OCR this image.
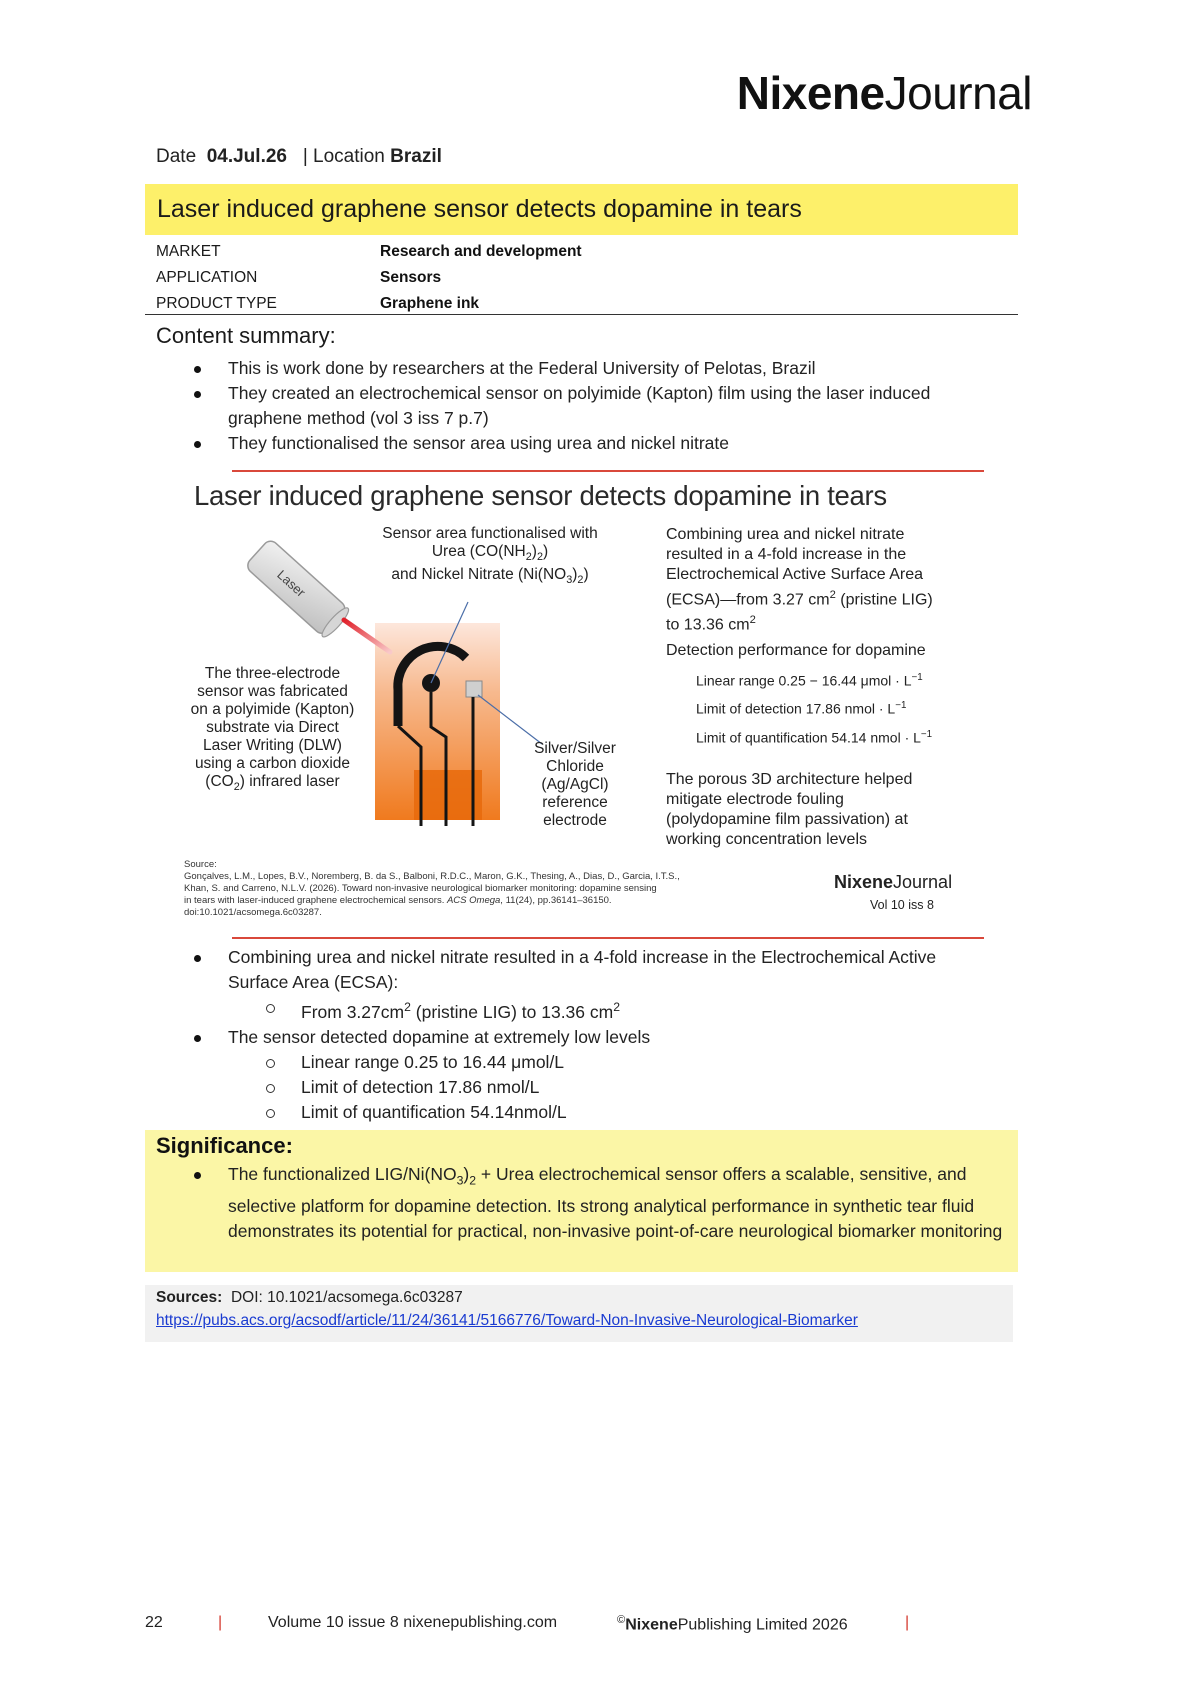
NixeneJournal
Date 04.Jul.26 | Location Brazil
Laser induced graphene sensor detects dopamine in tears
MARKET	Research and development
APPLICATION	Sensors
PRODUCT TYPE	Graphene ink
Content summary:
This is work done by researchers at the Federal University of Pelotas, Brazil
They created an electrochemical sensor on polyimide (Kapton) film using the laser induced graphene method (vol 3 iss 7 p.7)
They functionalised the sensor area using urea and nickel nitrate
Laser induced graphene sensor detects dopamine in tears
Laser
Sensor area functionalised with
Urea $(CO(NH_2)_2)$
and Nickel Nitrate $(Ni(NO_3)_2)$
The three-electrode
sensor was fabricated
on a polyimide (Kapton)
substrate via Direct
Laser Writing (DLW)
using a carbon dioxide
$(CO_2)$ infrared laser
Silver/Silver
Chloride
(Ag/AgCl)
reference
electrode
Combining urea and nickel nitrate
resulted in a 4-fold increase in the
Electrochemical Active Surface Area
(ECSA)—from 3.27 $cm^2$ (pristine LIG)
to 13.36 $cm^2$
Detection performance for dopamine
Linear range 0.25 − 16.44 $\mu mol \cdot L^{-1}$
Limit of detection 17.86 nmol · $L^{-1}$
Limit of quantification 54.14 nmol · $L^{-1}$
The porous 3D architecture helped
mitigate electrode fouling
(polydopamine film passivation) at
working concentration levels
Source:
Gonçalves, L.M., Lopes, B.V., Noremberg, B. da S., Balboni, R.D.C., Maron, G.K., Thesing, A., Dias, D., Garcia, I.T.S.,
Khan, S. and Carreno, N.L.V. (2026). Toward non-invasive neurological biomarker monitoring: dopamine sensing
in tears with laser-induced graphene electrochemical sensors. ACS Omega, 11(24), pp.36141–36150.
doi:10.1021/acsomega.6c03287.
NixeneJournal
Vol 10 iss 8
Combining urea and nickel nitrate resulted in a 4-fold increase in the Electrochemical Active Surface Area (ECSA):
From $3.27cm^2$ (pristine LIG) to 13.36 $cm^2$
The sensor detected dopamine at extremely low levels
Linear range 0.25 to 16.44 μmol/L
Limit of detection 17.86 nmol/L
Limit of quantification 54.14nmol/L
Significance:
The functionalized LIG/$Ni(NO_3)_2$ + Urea electrochemical sensor offers a scalable, sensitive, and selective platform for dopamine detection. Its strong analytical performance in synthetic tear fluid demonstrates its potential for practical, non-invasive point-of-care neurological biomarker monitoring
Sources: DOI: 10.1021/acsomega.6c03287
https://pubs.acs.org/acsodf/article/11/24/36141/5166776/Toward-Non-Invasive-Neurological-Biomarker
22	|	Volume 10 issue 8 nixenepublishing.com	©NixenePublishing Limited 2026	|
